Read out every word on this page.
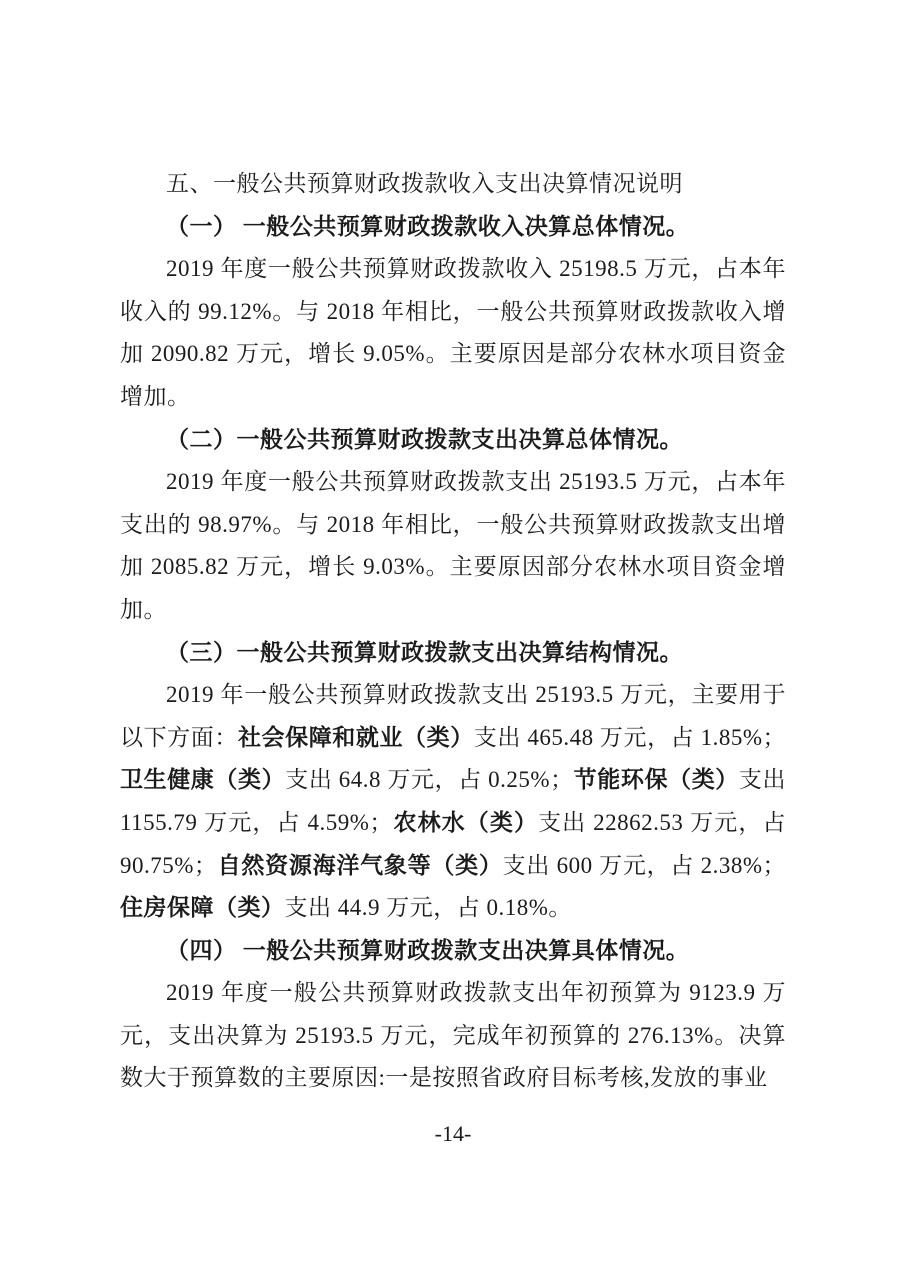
五、一般公共预算财政拨款收入支出决算情况说明
（一） 一般公共预算财政拨款收入决算总体情况。

2019 年度一般公共预算财政拨款收入 25198.5 万元，占本年收入的 99.12%。与 2018 年相比，一般公共预算财政拨款收入增加 2090.82 万元，增长 9.05%。主要原因是部分农林水项目资金增加。

（二）一般公共预算财政拨款支出决算总体情况。

2019 年度一般公共预算财政拨款支出 25193.5 万元，占本年支出的 98.97%。与 2018 年相比，一般公共预算财政拨款支出增加 2085.82 万元，增长 9.03%。主要原因部分农林水项目资金增加。

（三）一般公共预算财政拨款支出决算结构情况。

2019 年一般公共预算财政拨款支出 25193.5 万元，主要用于以下方面：社会保障和就业（类）支出 465.48 万元，占 1.85%；卫生健康（类）支出 64.8 万元，占 0.25%；节能环保（类）支出 1155.79 万元，占 4.59%；农林水（类）支出 22862.53 万元，占 90.75%；自然资源海洋气象等（类）支出 600 万元，占 2.38%；住房保障（类）支出 44.9 万元，占 0.18%。

（四） 一般公共预算财政拨款支出决算具体情况。

2019 年度一般公共预算财政拨款支出年初预算为 9123.9 万元，支出决算为 25193.5 万元，完成年初预算的 276.13%。决算数大于预算数的主要原因:一是按照省政府目标考核,发放的事业

-14-
